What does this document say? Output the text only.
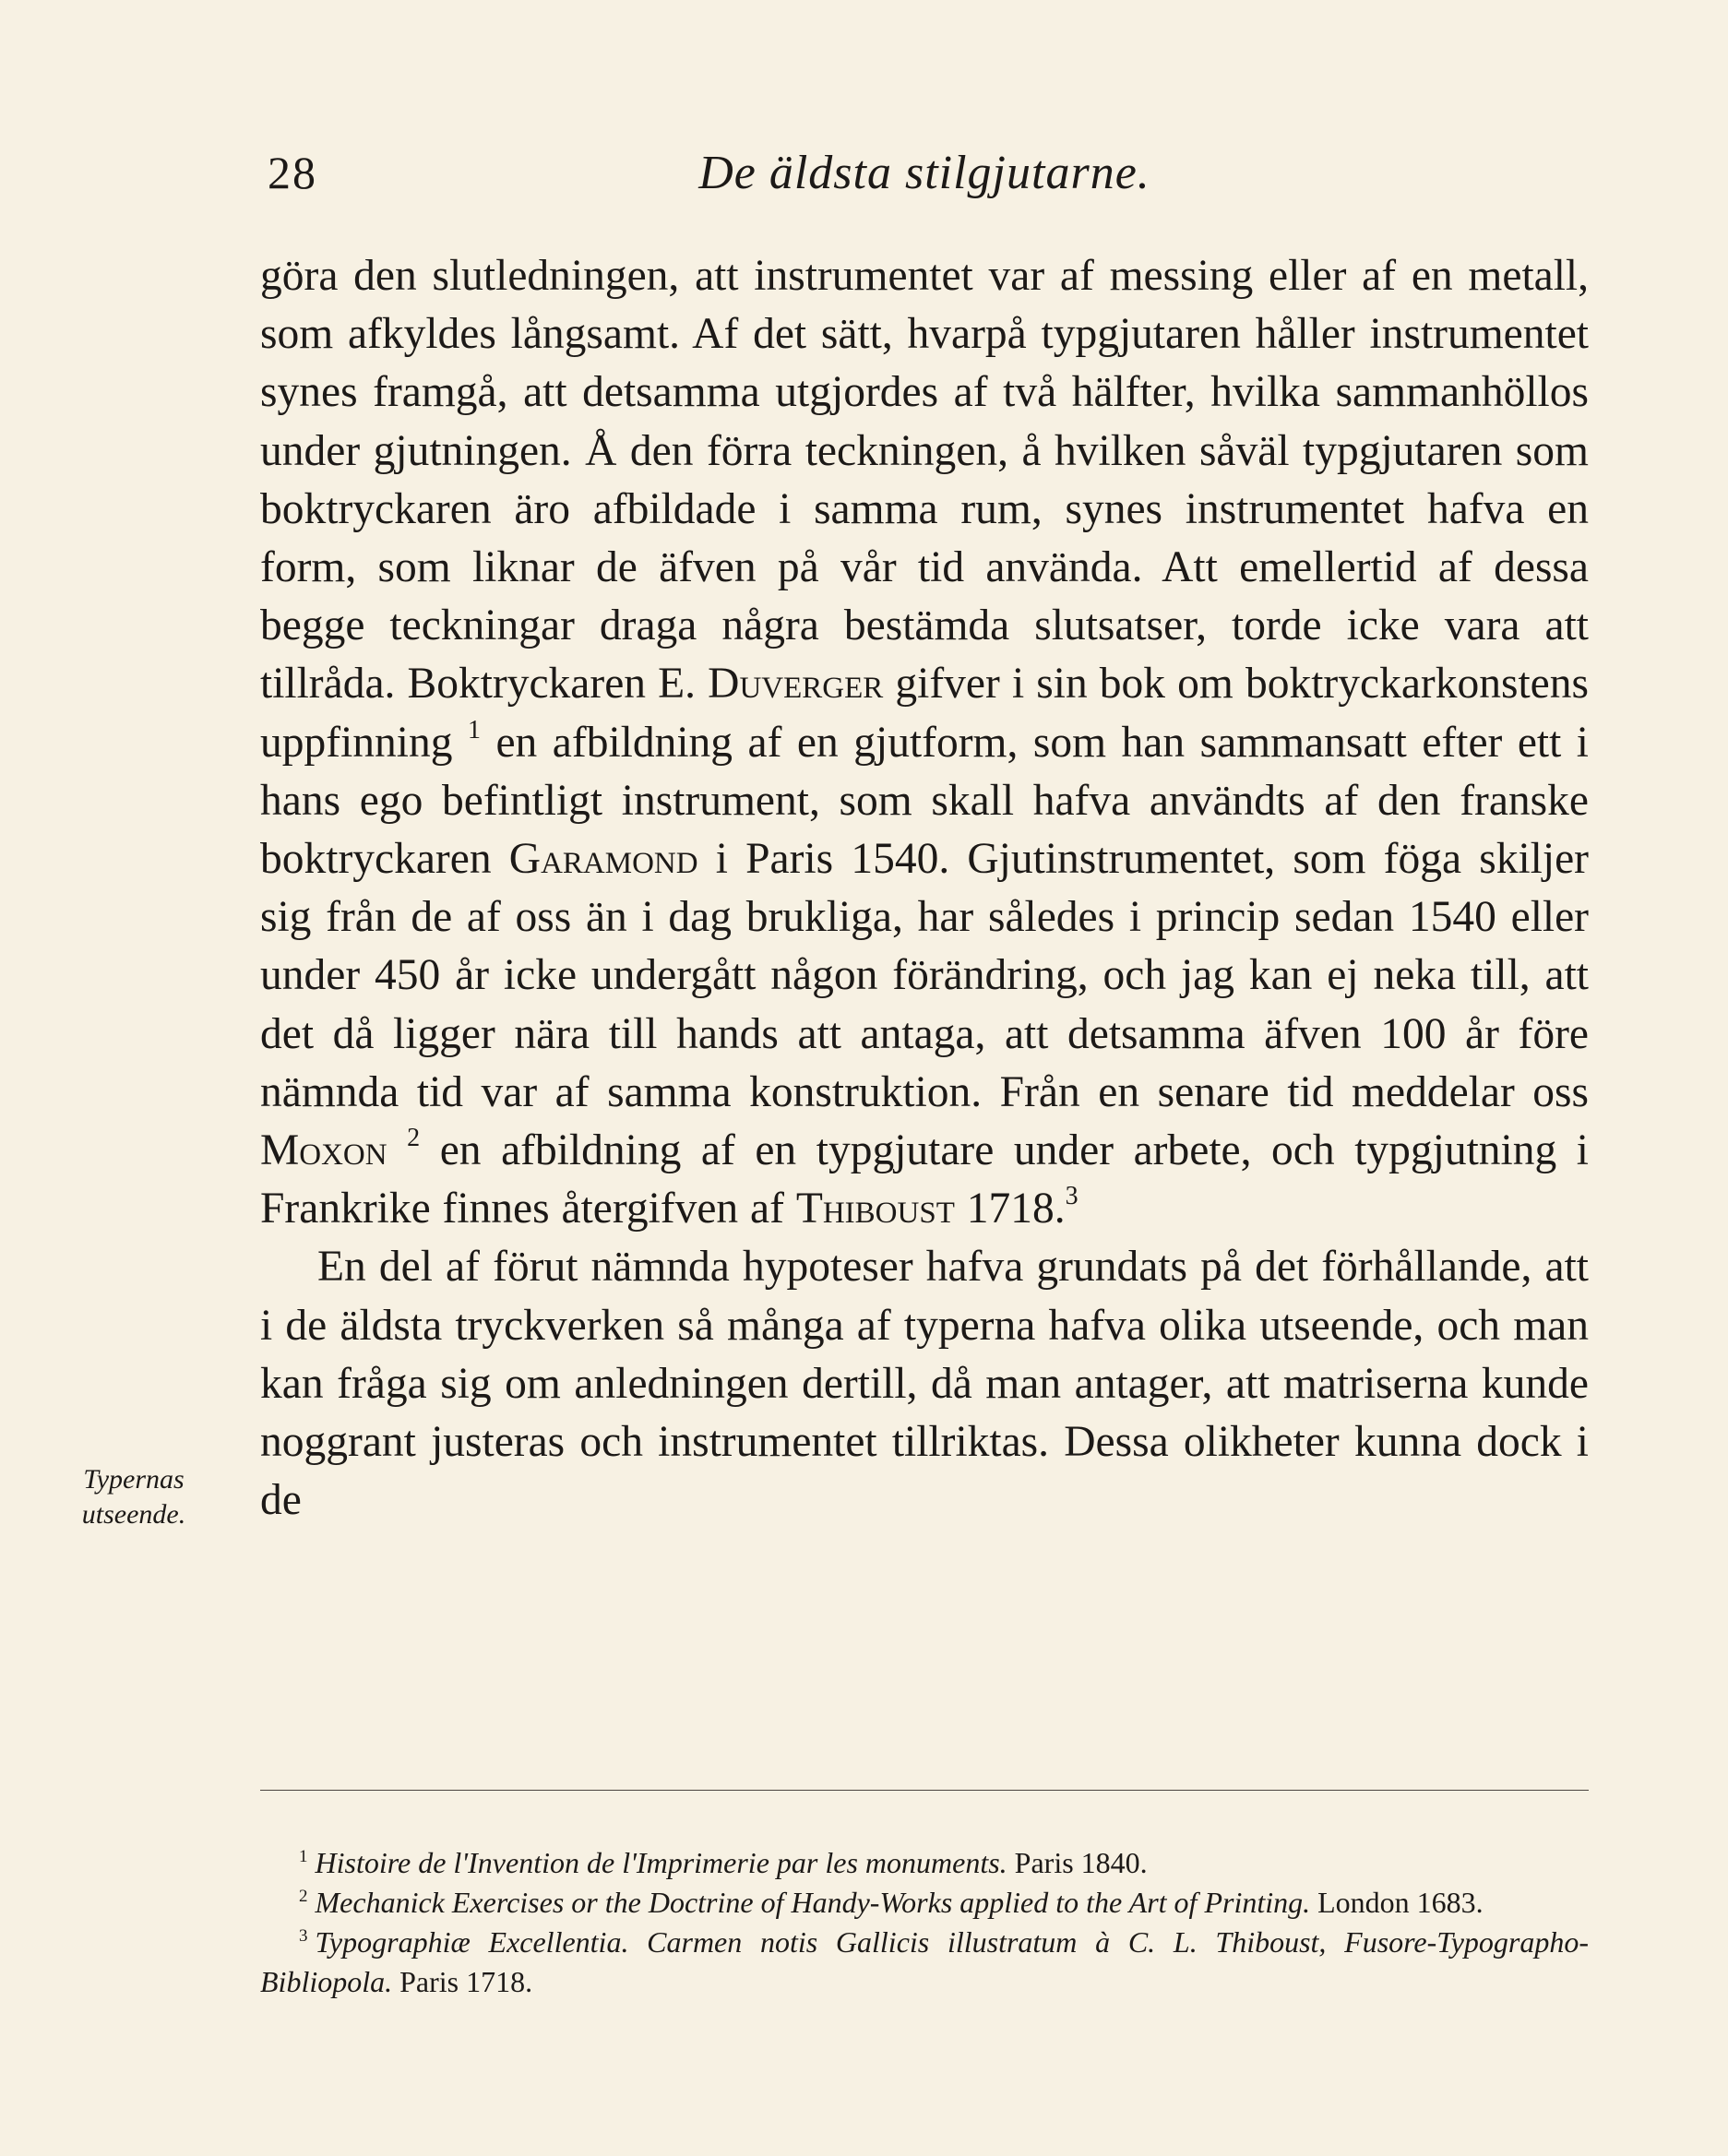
De äldsta stilgjutarne.
28
Typernas
utseende.

göra den slutledningen, att instrumentet var af messing eller af en metall, som afkyldes långsamt. Af det sätt, hvarpå typgjutaren håller instrumentet synes framgå, att detsamma utgjordes af två hälfter, hvilka sammanhöllos under gjutningen. Å den förra teckningen, å hvilken såväl typgjutaren som boktryckaren äro afbildade i samma rum, synes instrumentet hafva en form, som liknar de äfven på vår tid använda. Att emellertid af dessa begge teckningar draga några bestämda slutsatser, torde icke vara att tillråda. Boktryckaren E. Duverger gifver i sin bok om boktryckarkonstens uppfinning $^1$ en afbildning af en gjutform, som han sammansatt efter ett i hans ego befintligt instrument, som skall hafva användts af den franske boktryckaren Garamond i Paris 1540. Gjutinstrumentet, som föga skiljer sig från de af oss än i dag brukliga, har således i princip sedan 1540 eller under 450 år icke undergått någon förändring, och jag kan ej neka till, att det då ligger nära till hands att antaga, att detsamma äfven 100 år före nämnda tid var af samma konstruktion. Från en senare tid meddelar oss Moxon $^2$ en afbildning af en typgjutare under arbete, och typgjutning i Frankrike finnes återgifven af Thiboust 1718.$^3$

En del af förut nämnda hypoteser hafva grundats på det förhållande, att i de äldsta tryckverken så många af typerna hafva olika utseende, och man kan fråga sig om anledningen dertill, då man antager, att matriserna kunde noggrant justeras och instrumentet tillriktas. Dessa olikheter kunna dock i de

$^1$ Histoire de l'Invention de l'Imprimerie par les monuments. Paris 1840.

$^2$ Mechanick Exercises or the Doctrine of Handy-Works applied to the Art of Printing. London 1683.

$^3$ Typographiæ Excellentia. Carmen notis Gallicis illustratum à C. L. Thiboust, Fusore-Typographo-Bibliopola. Paris 1718.
